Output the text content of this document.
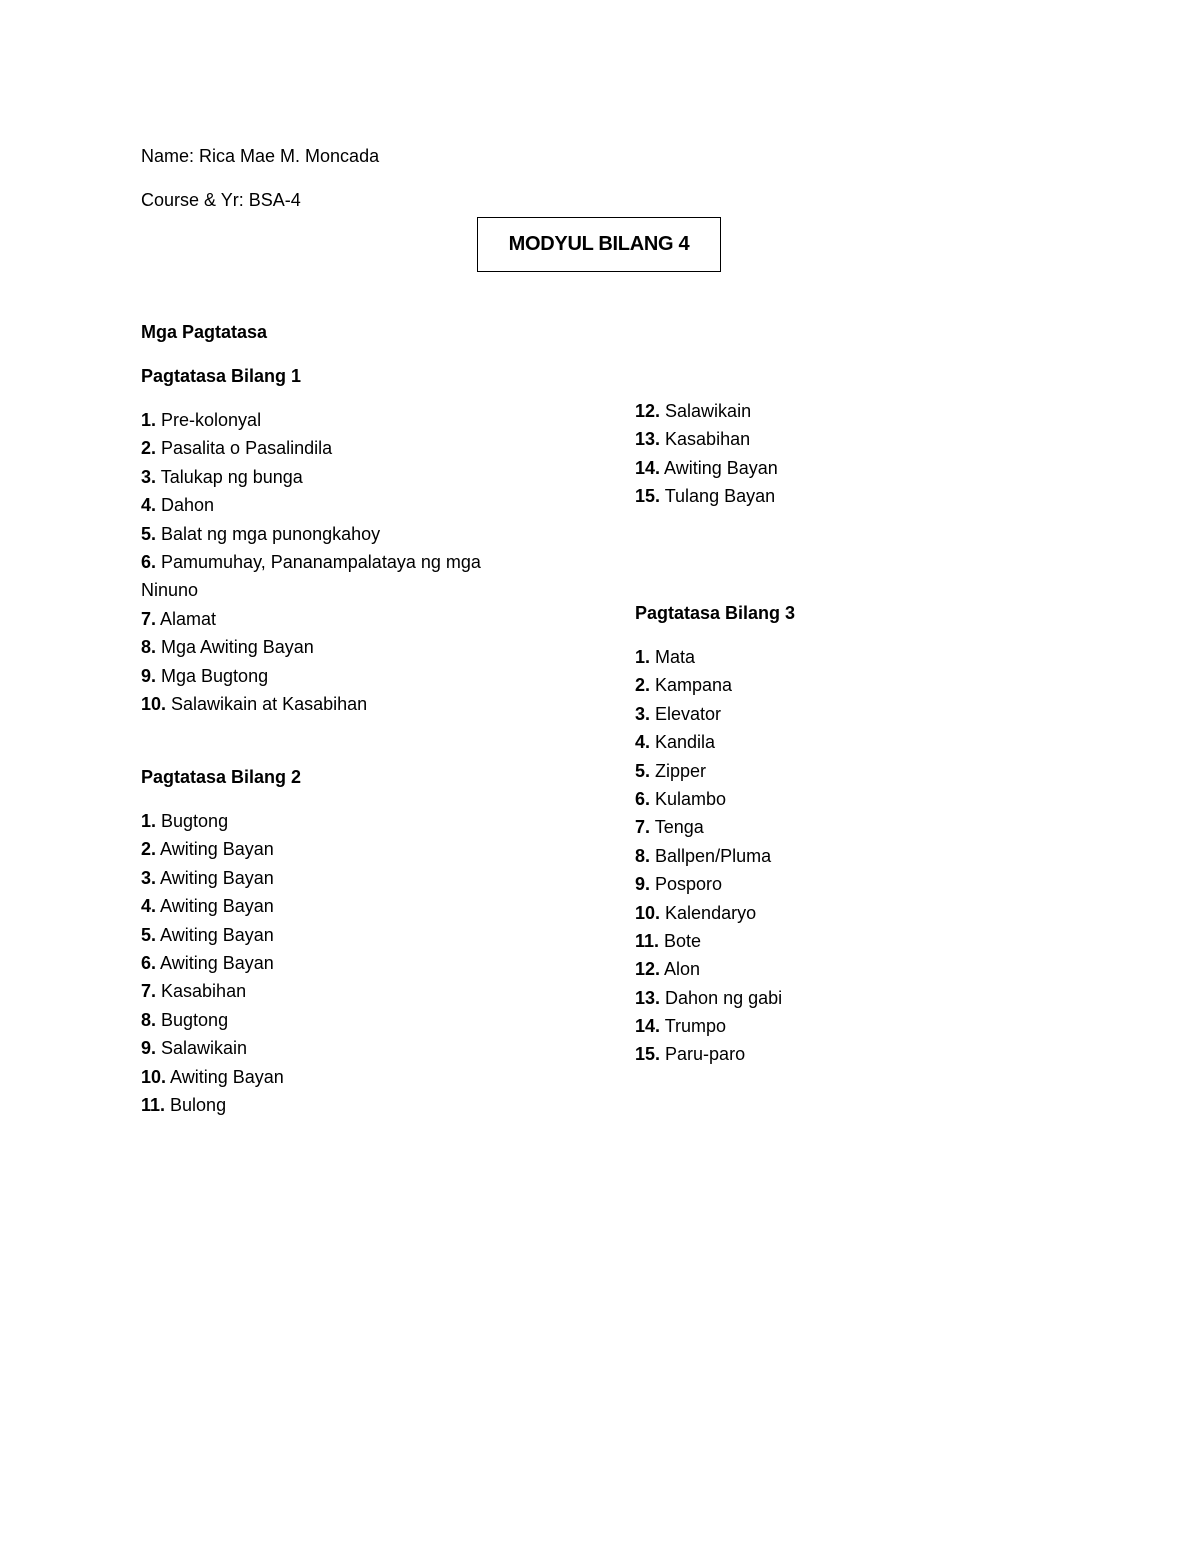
Name: Rica Mae M. Moncada
Course & Yr: BSA-4
MODYUL BILANG 4
Mga Pagtatasa
Pagtatasa Bilang 1
1. Pre-kolonyal
2. Pasalita o Pasalindila
3. Talukap ng bunga
4. Dahon
5. Balat ng mga punongkahoy
6. Pamumuhay, Pananampalataya ng mga Ninuno
7. Alamat
8. Mga Awiting Bayan
9. Mga Bugtong
10. Salawikain at Kasabihan
Pagtatasa Bilang 2
1. Bugtong
2. Awiting Bayan
3. Awiting Bayan
4. Awiting Bayan
5. Awiting Bayan
6. Awiting Bayan
7. Kasabihan
8. Bugtong
9. Salawikain
10. Awiting Bayan
11. Bulong
12. Salawikain
13. Kasabihan
14. Awiting Bayan
15. Tulang Bayan
Pagtatasa Bilang 3
1. Mata
2. Kampana
3. Elevator
4. Kandila
5. Zipper
6. Kulambo
7. Tenga
8. Ballpen/Pluma
9. Posporo
10. Kalendaryo
11. Bote
12. Alon
13. Dahon ng gabi
14. Trumpo
15. Paru-paro
